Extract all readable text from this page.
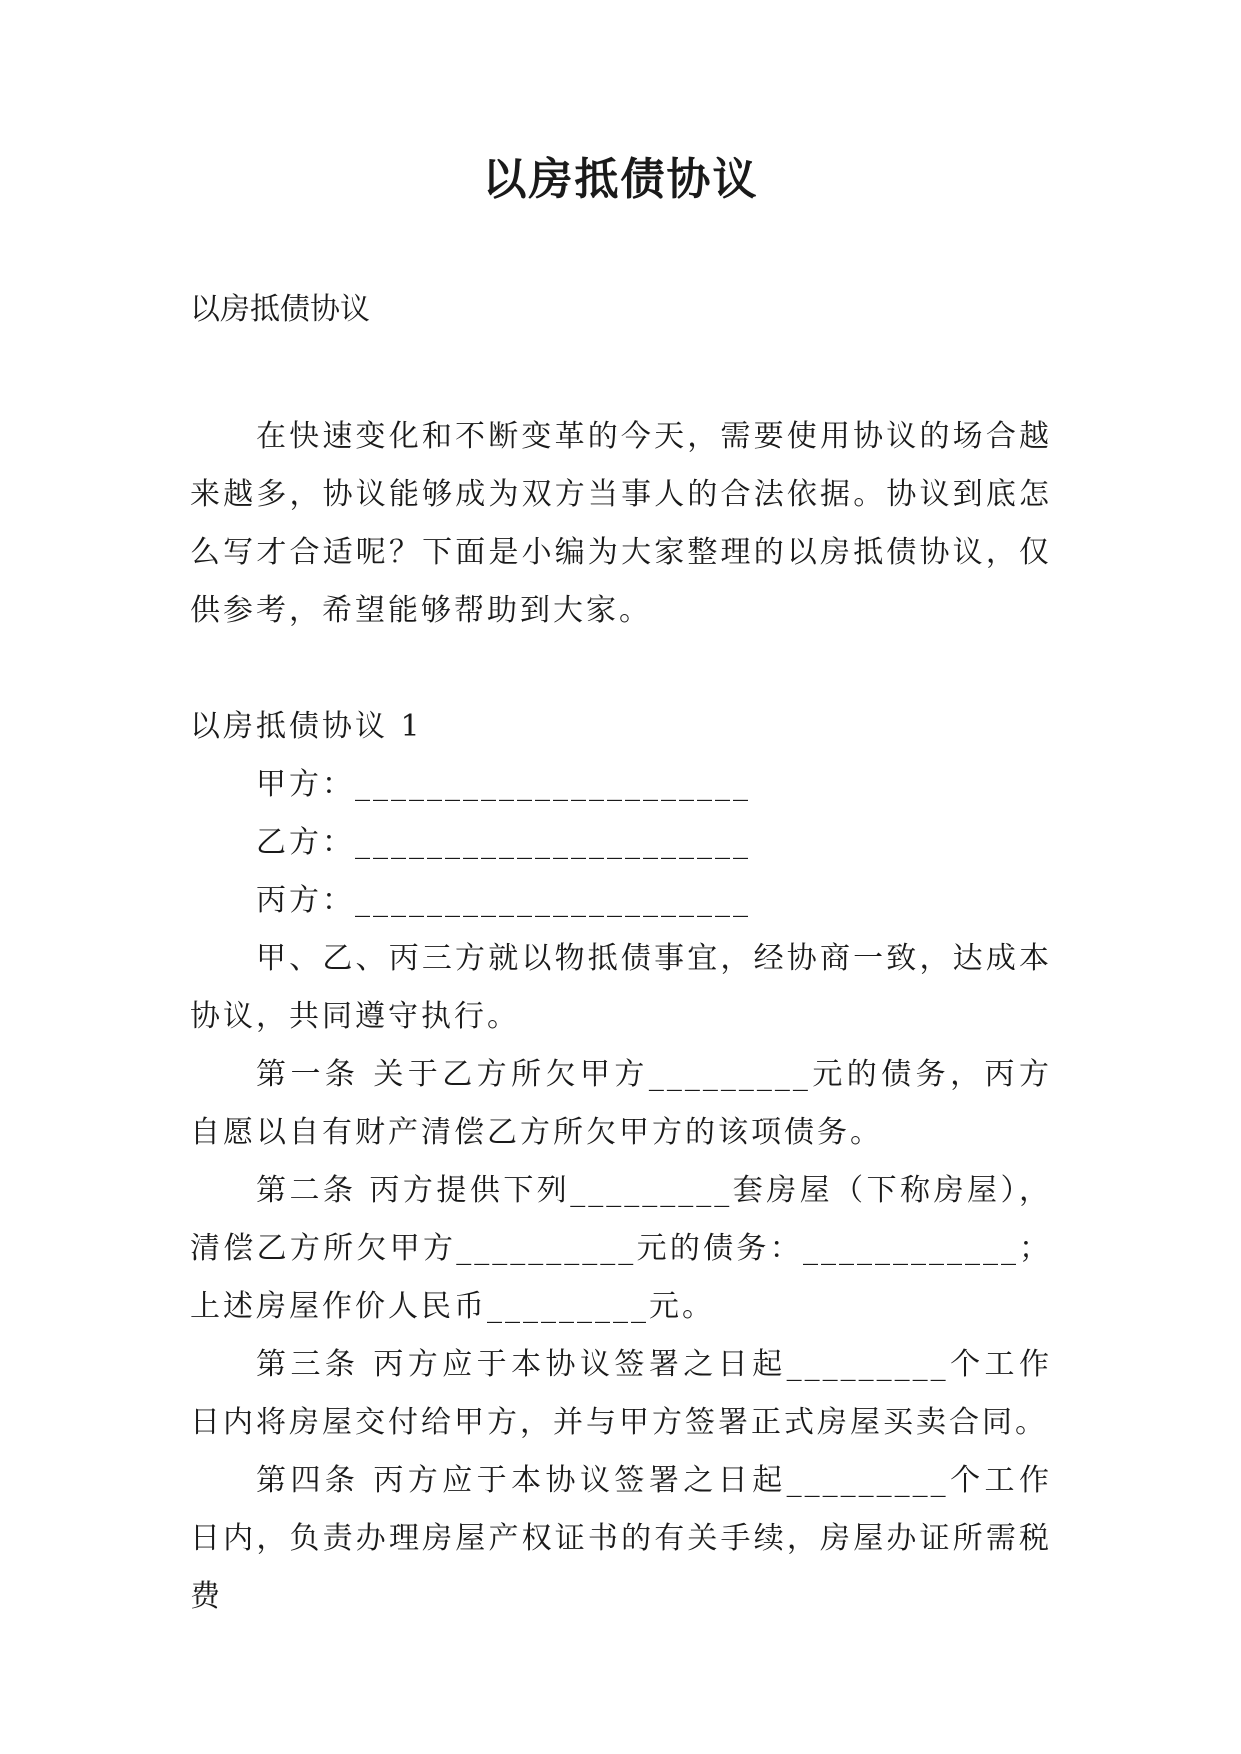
以房抵债协议
以房抵债协议

在快速变化和不断变革的今天，需要使用协议的场合越来越多，协议能够成为双方当事人的合法依据。协议到底怎么写才合适呢？下面是小编为大家整理的以房抵债协议，仅供参考，希望能够帮助到大家。

以房抵债协议 1

甲方：______________________

乙方：______________________

丙方：______________________

甲、乙、丙三方就以物抵债事宜，经协商一致，达成本协议，共同遵守执行。

第一条 关于乙方所欠甲方_________元的债务，丙方自愿以自有财产清偿乙方所欠甲方的该项债务。

第二条 丙方提供下列_________套房屋（下称房屋），清偿乙方所欠甲方__________元的债务：____________；上述房屋作价人民币_________元。

第三条 丙方应于本协议签署之日起_________个工作日内将房屋交付给甲方，并与甲方签署正式房屋买卖合同。

第四条 丙方应于本协议签署之日起_________个工作日内，负责办理房屋产权证书的有关手续，房屋办证所需税费
